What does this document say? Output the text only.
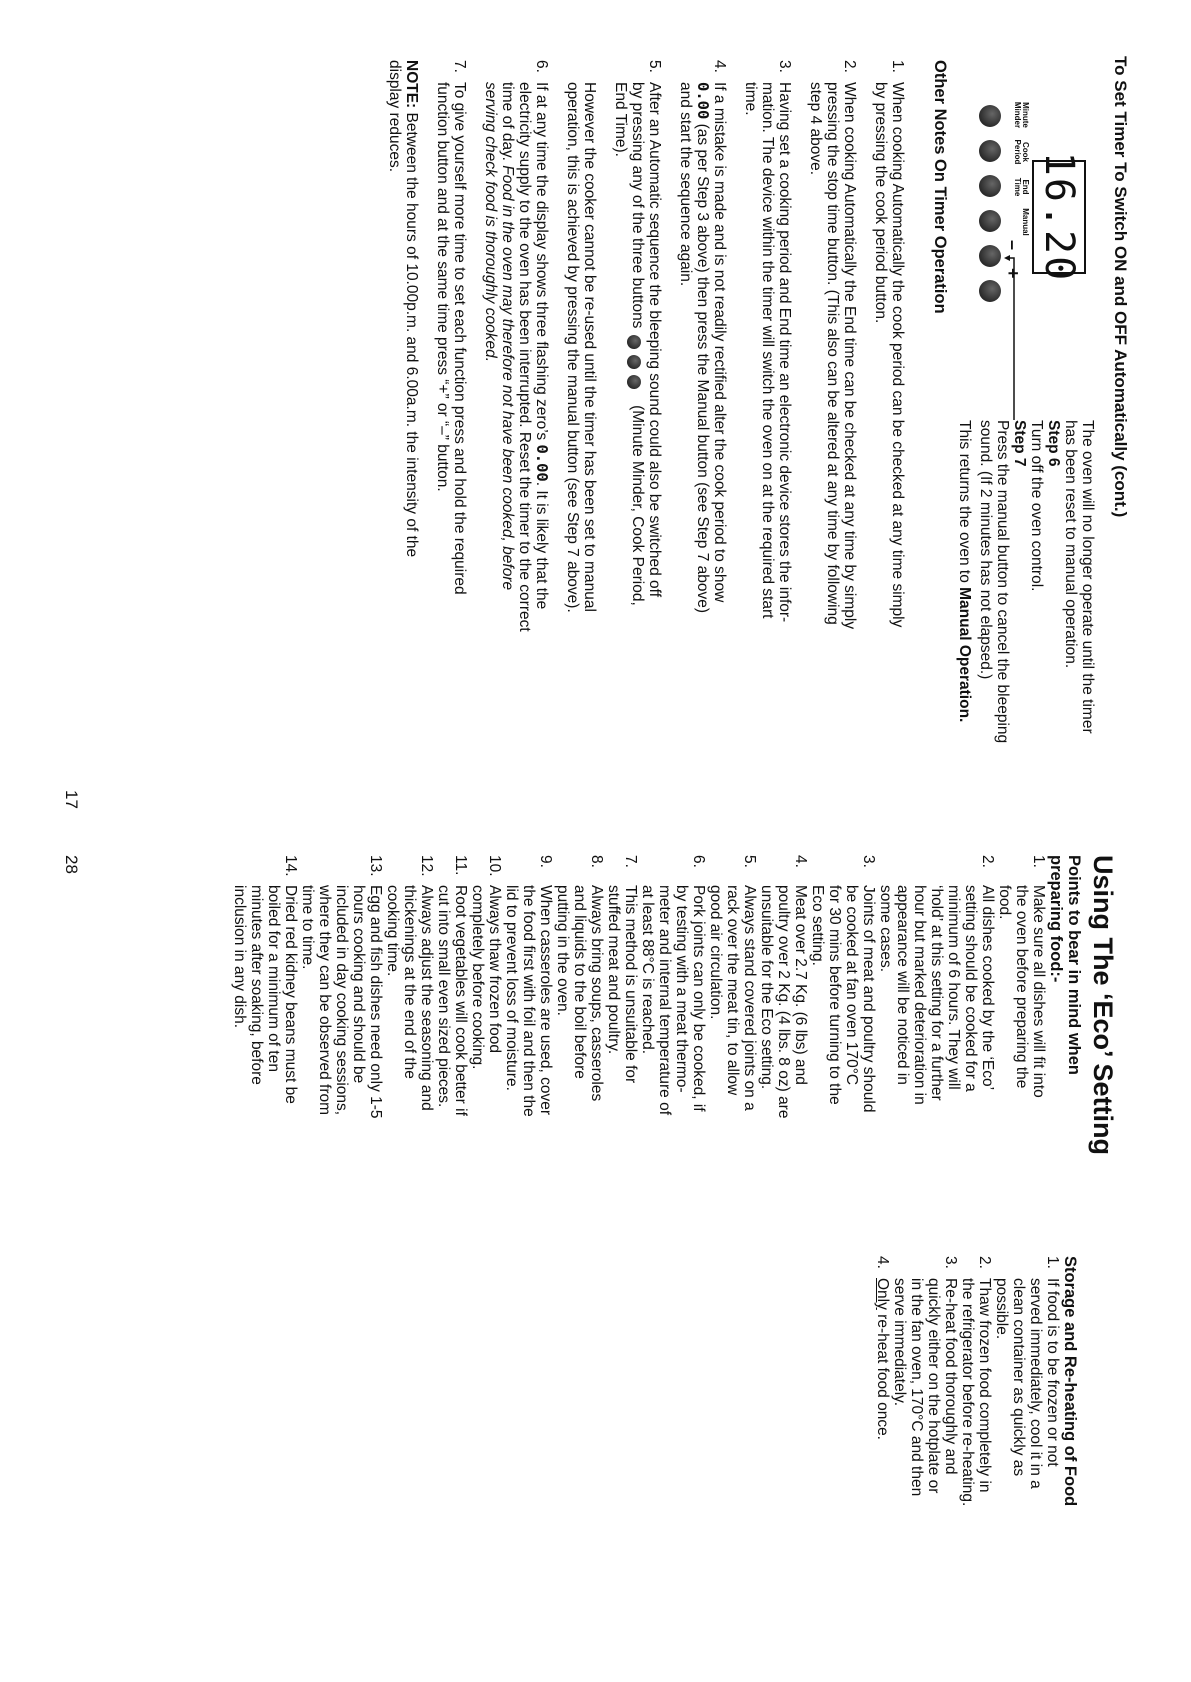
To Set Timer To Switch ON and OFF Automatically (cont.)
The oven will no longer operate until the timer
has been reset to manual operation.
Step 6
Turn off the oven control.
Step 7
Press the manual button to cancel the bleeping
sound. (If 2 minutes has not elapsed.)
This returns the oven to Manual Operation.
16.20
Minute Minder
Cook Period
End Time
Manual
–
+
Other Notes On Timer Operation
1.
When cooking Automatically the cook period can be checked at any time simply
by pressing the cook period button.
2.
When cooking Automatically the End time can be checked at any time by simply
pressing the stop time button. (This also can be altered at any time by following
step 4 above.
3.
Having set a cooking period and End time an electronic device stores the infor-
mation. The device within the timer will switch the oven on at the required start
time.
4.
If a mistake is made and is not readily rectified alter the cook period to show
0.00 (as per Step 3 above) then press the Manual button (see Step 7 above)
and start the sequence again.
5.
After an Automatic sequence the bleeping sound could also be switched off
by pressing any of the three buttons
(Minute Minder, Cook Period,
End Time).
However the cooker cannot be re-used until the timer has been set to manual
operation, this is achieved by pressing the manual button (see Step 7 above).
6.
If at any time the display shows three flashing zero’s 0.00. It is likely that the
electricity supply to the oven has been interrupted. Reset the timer to the correct
time of day. Food in the oven may therefore not have been cooked, before
serving check food is thoroughly cooked.
7.
To give yourself more time to set each function press and hold the required
function button and at the same time press “+” or “–” button.
NOTE: Between the hours of 10.00p.m. and 6.00a.m. the intensity of the
display reduces.
17
Using The ‘Eco’ Setting
Points to bear in mind when
preparing food:-
1.
Make sure all dishes will fit into
the oven before preparing the
food.
2.
All dishes cooked by the ‘Eco’
setting should be cooked for a
minimum of 6 hours. They will
‘hold’ at this setting for a further
hour but marked deterioration in
appearance will be noticed in
some cases.
3.
Joints of meat and poultry should
be cooked at fan oven 170°C
for 30 mins before turning to the
Eco setting.
4.
Meat over 2.7 Kg. (6 lbs) and
poultry over 2 Kg. (4 lbs. 8 oz) are
unsuitable for the Eco setting.
5.
Always stand covered joints on a
rack over the meat tin, to allow
good air circulation.
6.
Pork joints can only be cooked, if
by testing with a meat thermo-
meter and internal temperature of
at least 88°C is reached.
7.
This method is unsuitable for
stuffed meat and poultry.
8.
Always bring soups, casseroles
and liquids to the boil before
putting in the oven.
9.
When casseroles are used, cover
the food first with foil and then the
lid to prevent loss of moisture.
10.
Always thaw frozen food
completely before cooking.
11.
Root vegetables will cook better if
cut into small even sized pieces.
12.
Always adjust the seasoning and
thickenings at the end of the
cooking time.
13.
Egg and fish dishes need only 1-5
hours cooking and should be
included in day cooking sessions,
where they can be observed from
time to time.
14.
Dried red kidney beans must be
boiled for a minimum of ten
minutes after soaking, before
inclusion in any dish.
Storage and Re-heating of Food
1.
If food is to be frozen or not
served immediately, cool it in a
clean container as quickly as
possible.
2.
Thaw frozen food completely in
the refrigerator before re-heating.
3.
Re-heat food thoroughly and
quickly either on the hotplate or
in the fan oven, 170°C and then
serve immediately.
4.
Only re-heat food once.
28
